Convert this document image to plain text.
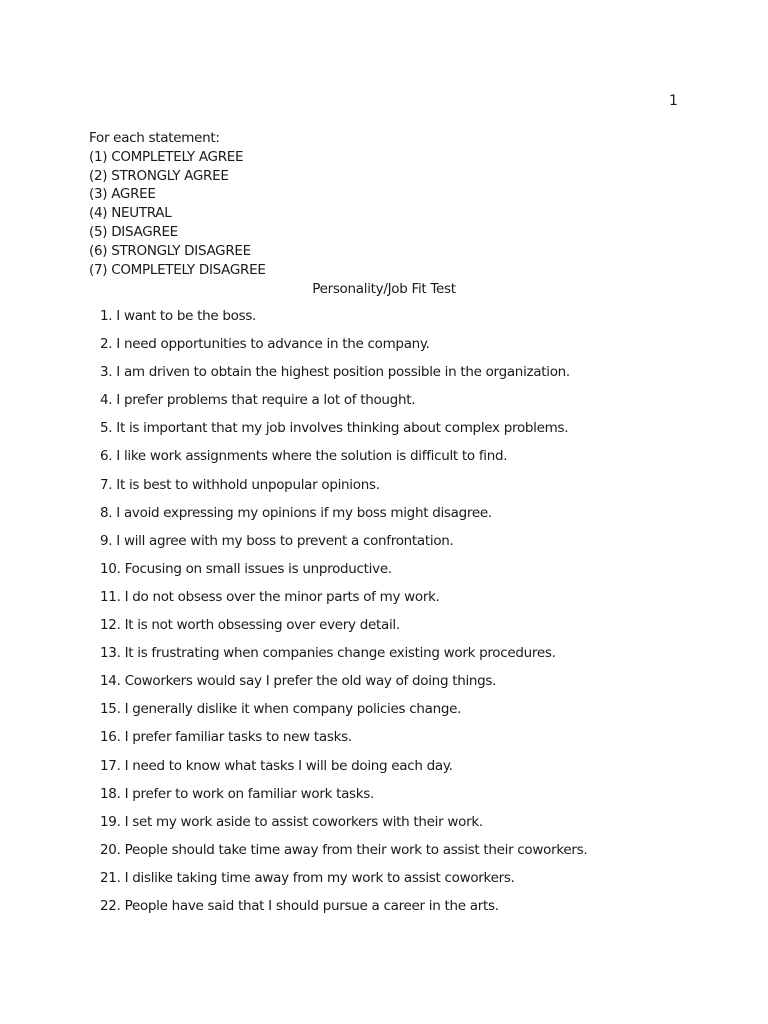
1
For each statement:
(1) COMPLETELY AGREE
(2) STRONGLY AGREE
(3) AGREE
(4) NEUTRAL
(5) DISAGREE
(6) STRONGLY DISAGREE
(7) COMPLETELY DISAGREE
Personality/Job Fit Test
1. I want to be the boss.
2. I need opportunities to advance in the company.
3. I am driven to obtain the highest position possible in the organization.
4. I prefer problems that require a lot of thought.
5. It is important that my job involves thinking about complex problems.
6. I like work assignments where the solution is difficult to find.
7. It is best to withhold unpopular opinions.
8. I avoid expressing my opinions if my boss might disagree.
9. I will agree with my boss to prevent a confrontation.
10. Focusing on small issues is unproductive.
11. I do not obsess over the minor parts of my work.
12. It is not worth obsessing over every detail.
13. It is frustrating when companies change existing work procedures.
14. Coworkers would say I prefer the old way of doing things.
15. I generally dislike it when company policies change.
16. I prefer familiar tasks to new tasks.
17. I need to know what tasks I will be doing each day.
18. I prefer to work on familiar work tasks.
19. I set my work aside to assist coworkers with their work.
20. People should take time away from their work to assist their coworkers.
21. I dislike taking time away from my work to assist coworkers.
22. People have said that I should pursue a career in the arts.
